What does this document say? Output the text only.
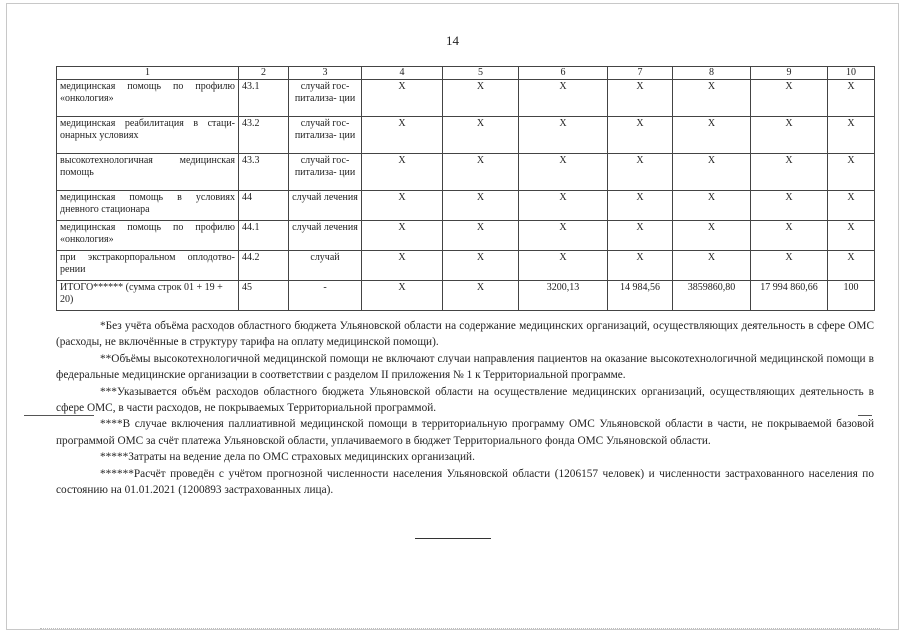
14
1	2	3	4	5	6	7	8	9	10
медицинская помощь по профилю «онкология»	43.1	случай гос- питализа- ции	X	X	X	X	X	X	X
медицинская реабилитация в стаци- онарных условиях	43.2	случай гос- питализа- ции	X	X	X	X	X	X	X
высокотехнологичная медицинская помощь	43.3	случай гос- питализа- ции	X	X	X	X	X	X	X
медицинская помощь в условиях дневного стационара	44	случай лечения	X	X	X	X	X	X	X
медицинская помощь по профилю «онкология»	44.1	случай лечения	X	X	X	X	X	X	X
при экстракорпоральном оплодотво- рении	44.2	случай	X	X	X	X	X	X	X
ИТОГО****** (сумма строк 01 + 19 + 20)	45	-	X	X	3200,13	14 984,56	3859860,80	17 994 860,66	100

*Без учёта объёма расходов областного бюджета Ульяновской области на содержание медицинских организаций, осуществляющих деятельность в сфере ОМС (расходы, не включённые в структуру тарифа на оплату медицинской помощи).

**Объёмы высокотехнологичной медицинской помощи не включают случаи направления пациентов на оказание высокотехнологичной медицинской помощи в федеральные медицинские организации в соответствии с разделом II приложения № 1 к Территориальной программе.

***Указывается объём расходов областного бюджета Ульяновской области на осуществление медицинских организаций, осуществляющих деятельность в сфере ОМС, в части расходов, не покрываемых Территориальной программой.

****В случае включения паллиативной медицинской помощи в территориальную программу ОМС Ульяновской области в части, не покрываемой базовой программой ОМС за счёт платежа Ульяновской области, уплачиваемого в бюджет Территориального фонда ОМС Ульяновской области.

*****Затраты на ведение дела по ОМС страховых медицинских организаций.

******Расчёт проведён с учётом прогнозной численности населения Ульяновской области (1206157 человек) и численности застрахованного населения по состоянию на 01.01.2021 (1200893 застрахованных лица).
